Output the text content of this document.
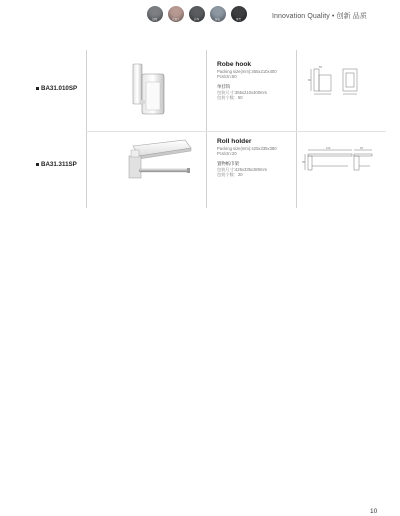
镜面	玫瑰金	拉丝	枪灰	哑黑	Innovation Quality • 创新 品质
BA31.010SP
Robe hook
Packing size(mm):355x210x400
Pcs/ctn:50
单挂钩
包装尺寸:355x210x400mm
包装个数：50
55
80
BA31.311SP
Roll holder
Packing size(mm):425x335x380
Pcs/ctn:20
置物纸巾架
包装尺寸:425x335x380mm
包装个数：20
160
95
65
10
